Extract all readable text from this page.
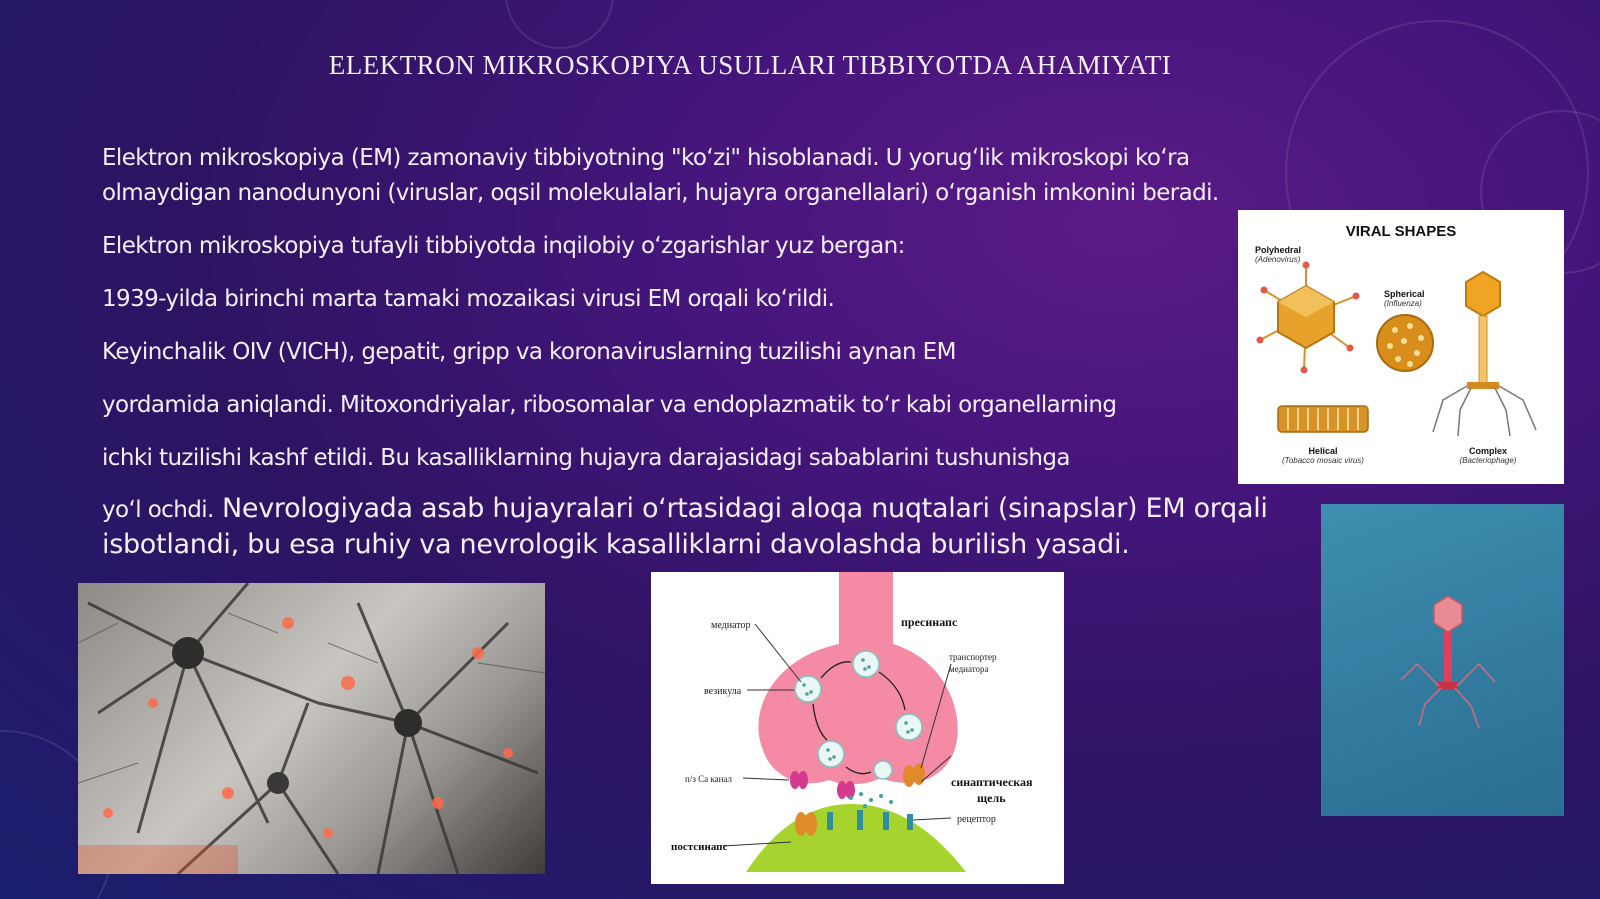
ELEKTRON MIKROSKOPIYA USULLARI TIBBIYOTDA AHAMIYATI
Elektron mikroskopiya (EM) zamonaviy tibbiyotning "koʻzi" hisoblanadi. U yorugʻlik mikroskopi koʻra
olmaydigan nanodunyoni (viruslar, oqsil molekulalari, hujayra organellalari) oʻrganish imkonini beradi.
Elektron mikroskopiya tufayli tibbiyotda inqilobiy oʻzgarishlar yuz bergan:
1939-yilda birinchi marta tamaki mozaikasi virusi EM orqali koʻrildi.
Keyinchalik OIV (VICH), gepatit, gripp va koronaviruslarning tuzilishi aynan EM
yordamida aniqlandi. Mitoxondriyalar, ribosomalar va endoplazmatik toʻr kabi organellarning
ichki tuzilishi kashf etildi. Bu kasalliklarning hujayra darajasidagi sabablarini tushunishga
VIRAL SHAPES
Polyhedral
(Adenovirus)
Spherical
(Influenza)
Helical
(Tobacco mosaic virus)
Complex
(Bacteriophage)
yoʻl ochdi. Nevrologiyada asab hujayralari oʻrtasidagi aloqa nuqtalari (sinapslar) EM orqali
isbotlandi, bu esa ruhiy va nevrologik kasalliklarni davolashda burilish yasadi.
медиатор	пресинапс
транспортер
медиатора
везикула
п/з Са канал	синаптическая
щель
рецептор
постсинапс
